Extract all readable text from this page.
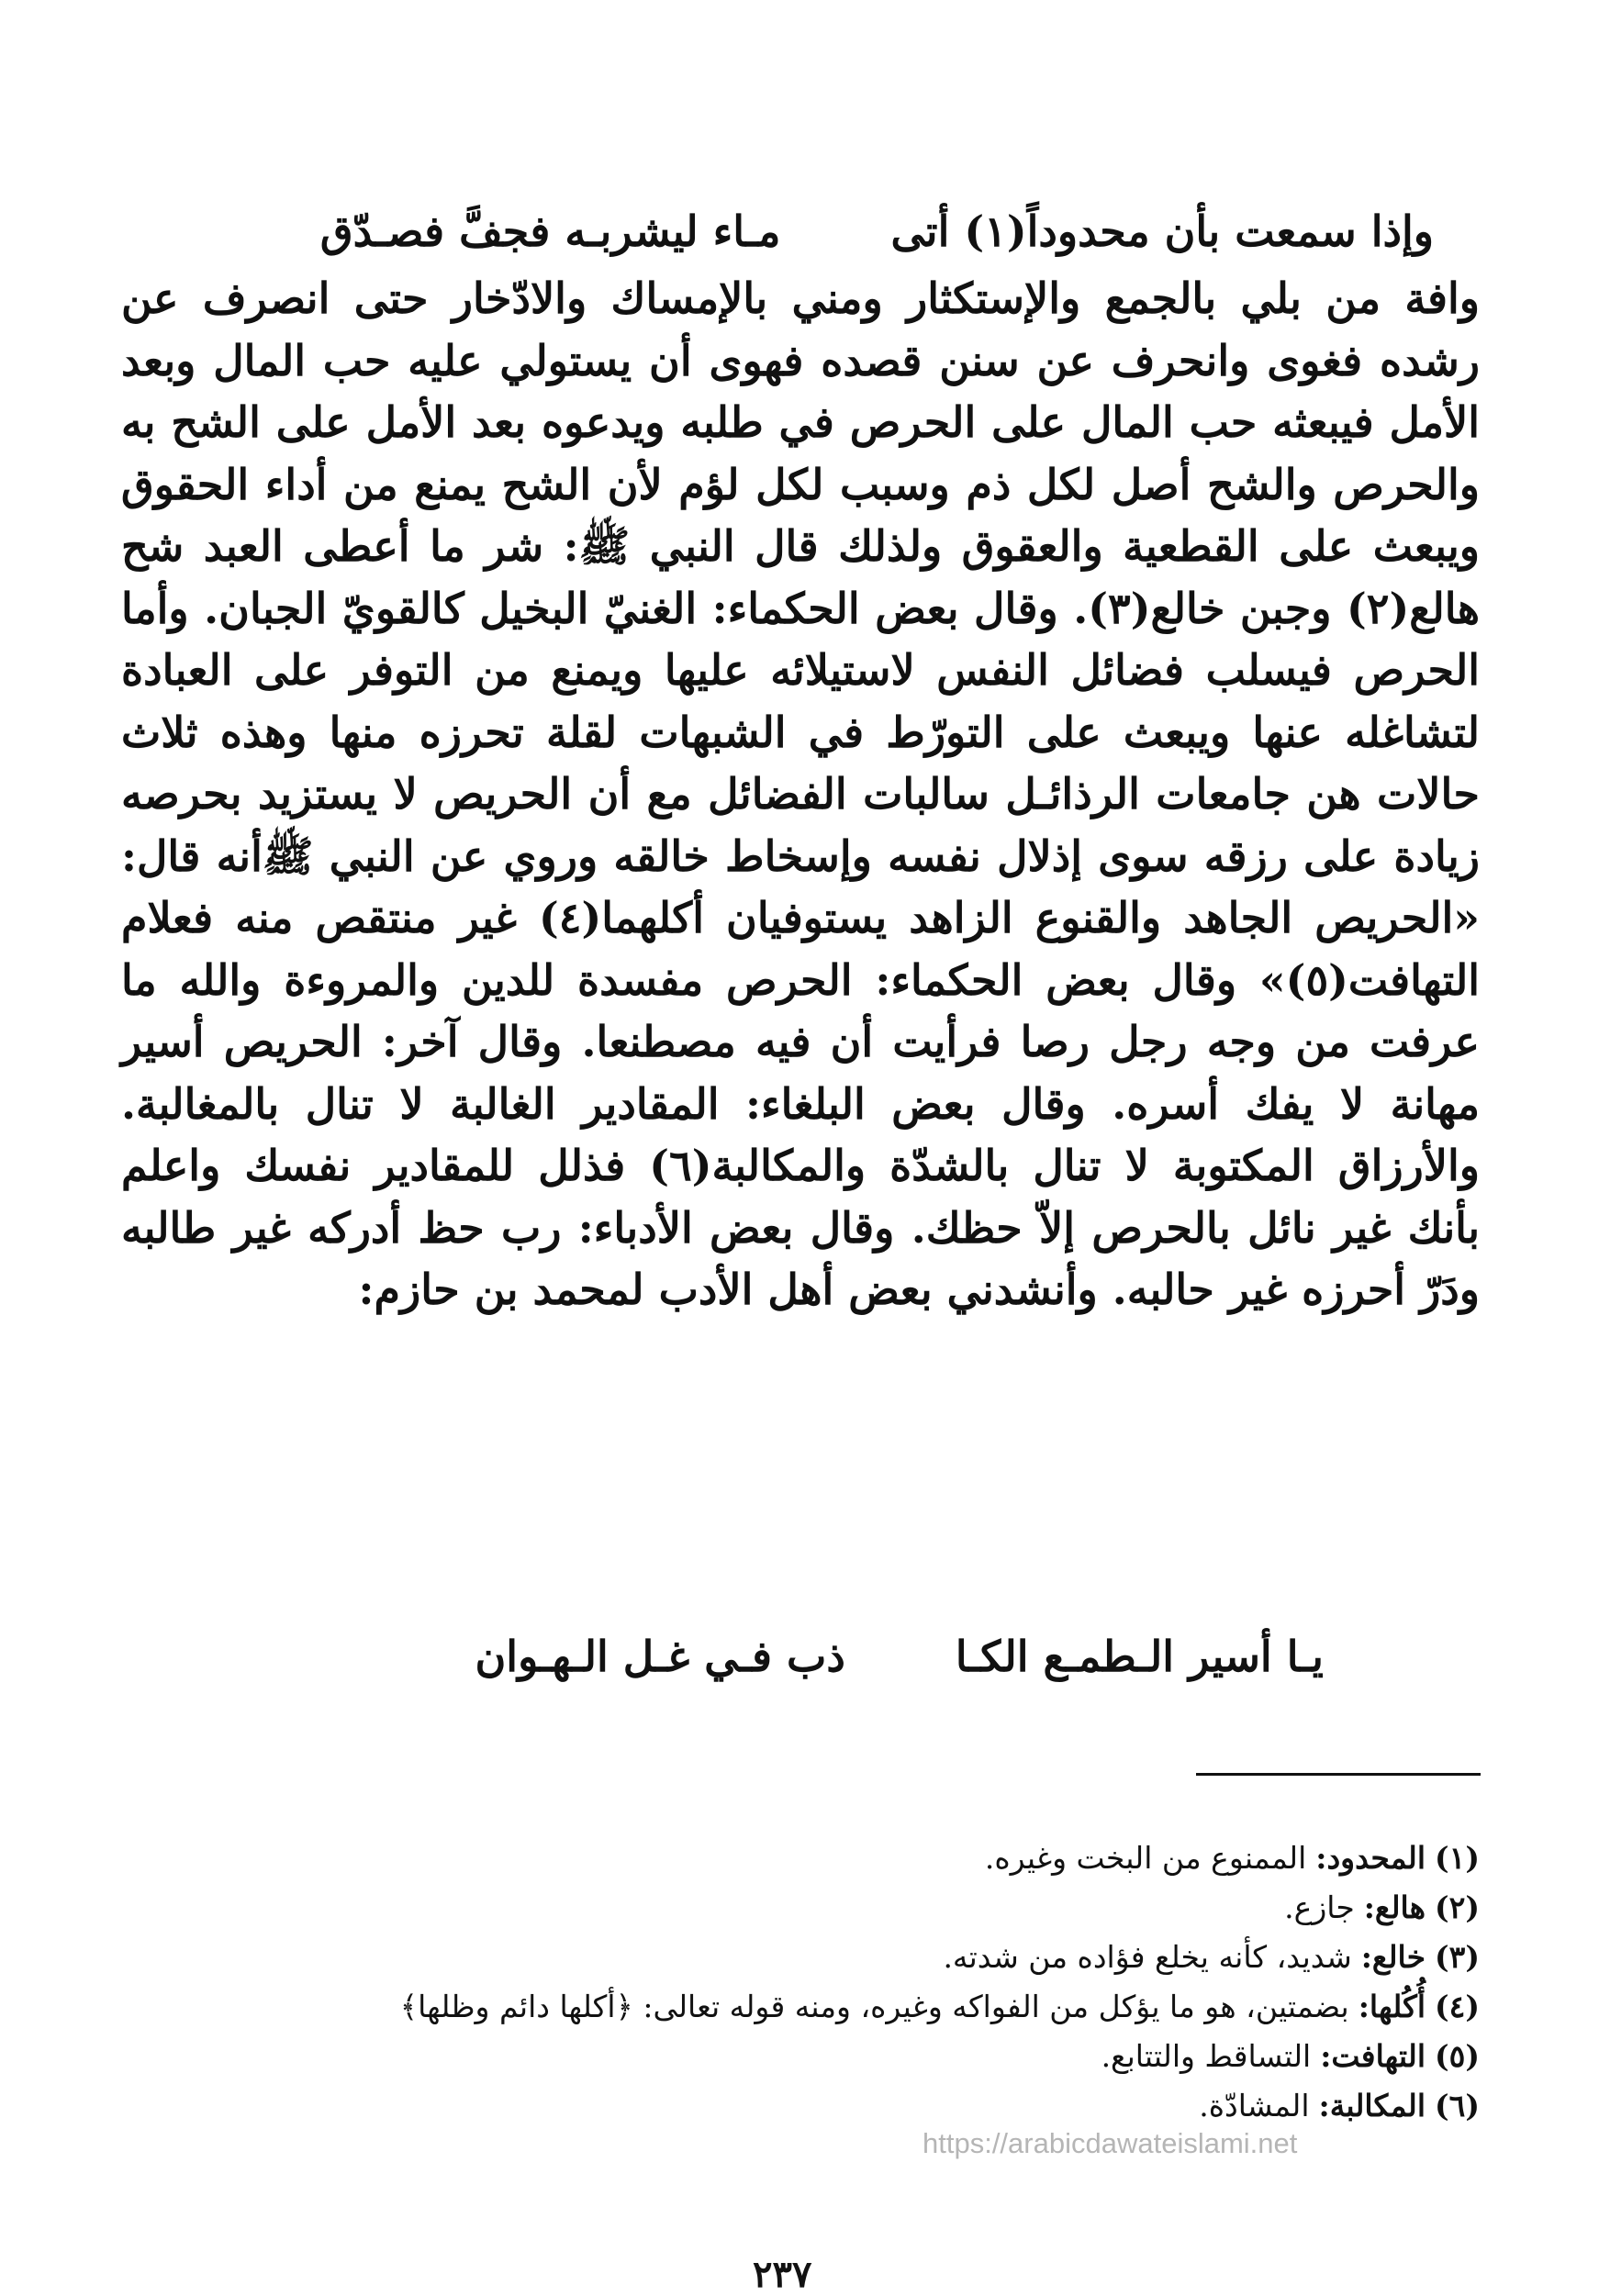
وإذا سمعت بأن محدوداً(١) أتى
مـاء ليشربـه فجفَّ فصـدّق

وافة من بلي بالجمع والإستكثار ومني بالإمساك والادّخار حتى انصرف عن رشده فغوى وانحرف عن سنن قصده فهوى أن يستولي عليه حب المال وبعد الأمل فيبعثه حب المال على الحرص في طلبه ويدعوه بعد الأمل على الشح به والحرص والشح أصل لكل ذم وسبب لكل لؤم لأن الشح يمنع من أداء الحقوق ويبعث على القطعية والعقوق ولذلك قال النبي ﷺ: شر ما أعطى العبد شح هالع(٢) وجبن خالع(٣). وقال بعض الحكماء: الغنيّ البخيل كالقويّ الجبان. وأما الحرص فيسلب فضائل النفس لاستيلائه عليها ويمنع من التوفر على العبادة لتشاغله عنها ويبعث على التورّط في الشبهات لقلة تحرزه منها وهذه ثلاث حالات هن جامعات الرذائـل سالبات الفضائل مع أن الحريص لا يستزيد بحرصه زيادة على رزقه سوى إذلال نفسه وإسخاط خالقه وروي عن النبي ﷺأنه قال: «الحريص الجاهد والقنوع الزاهد يستوفيان أكلهما(٤) غير منتقص منه فعلام التهافت(٥)» وقال بعض الحكماء: الحرص مفسدة للدين والمروءة والله ما عرفت من وجه رجل رصا فرأيت أن فيه مصطنعا. وقال آخر: الحريص أسير مهانة لا يفك أسره. وقال بعض البلغاء: المقادير الغالبة لا تنال بالمغالبة. والأرزاق المكتوبة لا تنال بالشدّة والمكالبة(٦) فذلل للمقادير نفسك واعلم بأنك غير نائل بالحرص إلاّ حظك. وقال بعض الأدباء: رب حظ أدركه غير طالبه ودَرّ أحرزه غير حالبه. وأنشدني بعض أهل الأدب لمحمد بن حازم:

يـا أسير الـطمـع الكـا
ذب فـي غـل الـهـوان
(١)
المحدود:
الممنوع من البخت وغيره.
(٢)
هالع:
جازع.
(٣)
خالع:
شديد، كأنه يخلع فؤاده من شدته.
(٤)
أُكُلها:
بضمتين، هو ما يؤكل من الفواكه وغيره، ومنه قوله تعالى: ﴿أكلها دائم وظلها﴾
(٥)
التهافت:
التساقط والتتابع.
(٦)
المكالبة:
المشادّة.
https://arabicdawateislami.net
٢٣٧
